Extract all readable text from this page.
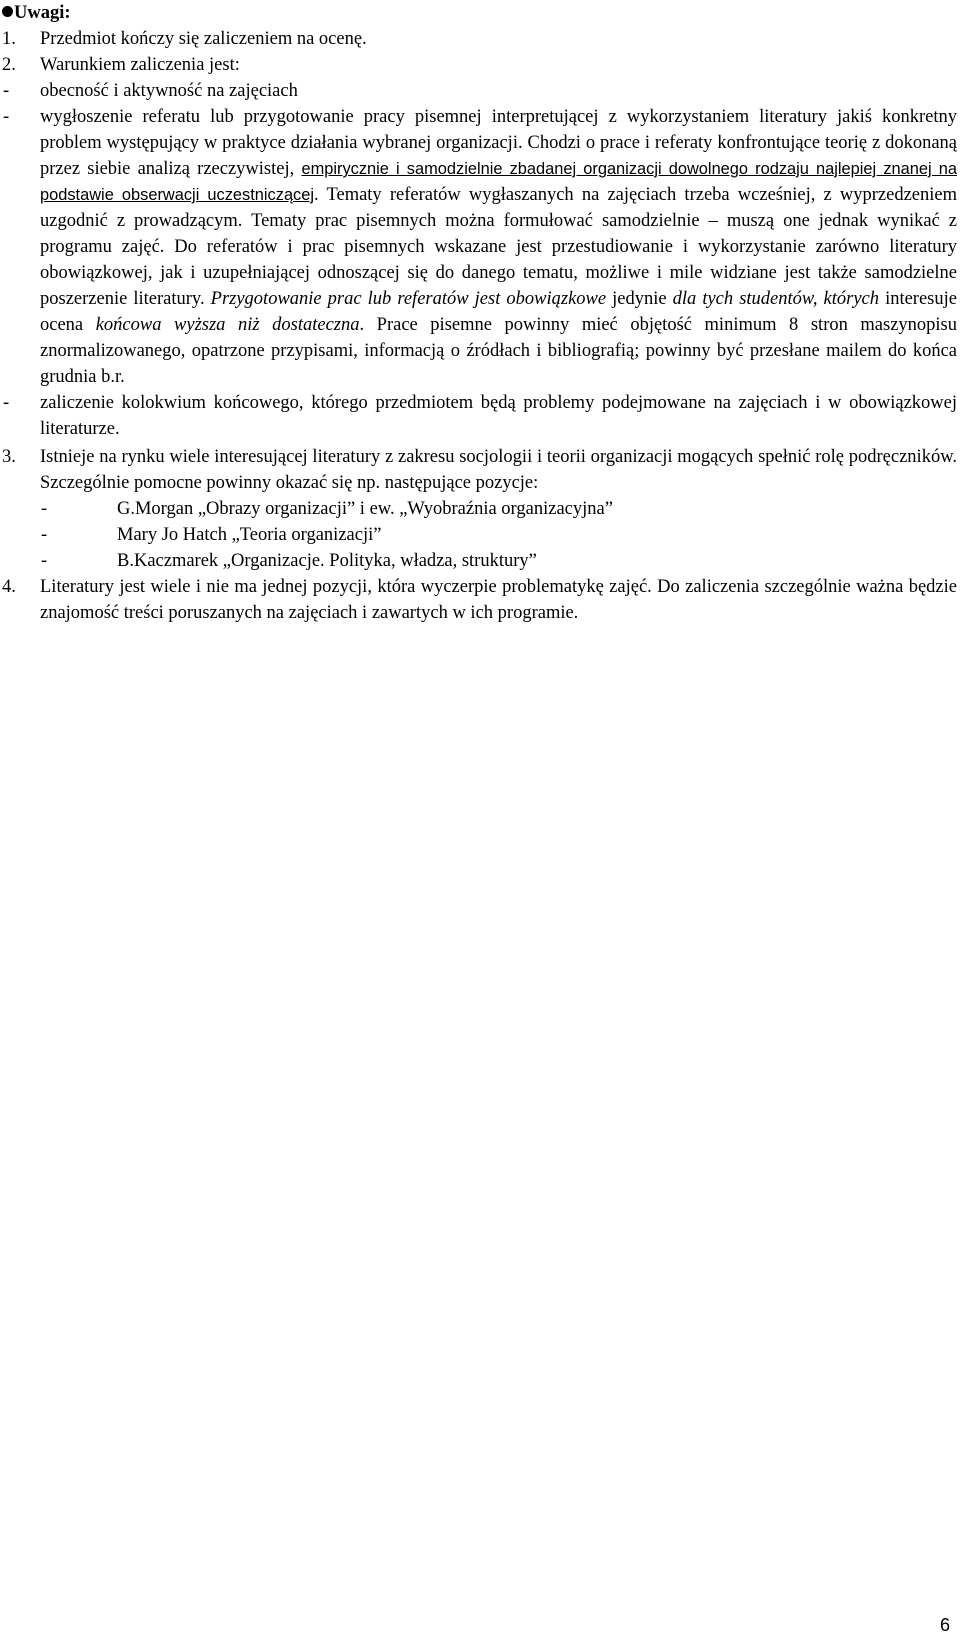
Uwagi:
1.	Przedmiot kończy się zaliczeniem na ocenę.
2.	Warunkiem zaliczenia jest:
-	obecność i aktywność na zajęciach
-	wygłoszenie referatu lub przygotowanie pracy pisemnej interpretującej z wykorzystaniem literatury jakiś konkretny problem występujący w praktyce działania wybranej organizacji. Chodzi o prace i referaty konfrontujące teorię z dokonaną przez siebie analizą rzeczywistej, empirycznie i samodzielnie zbadanej organizacji dowolnego rodzaju najlepiej znanej na podstawie obserwacji uczestniczącej. Tematy referatów wygłaszanych na zajęciach trzeba wcześniej, z wyprzedzeniem uzgodnić z prowadzącym. Tematy prac pisemnych można formułować samodzielnie – muszą one jednak wynikać z programu zajęć. Do referatów i prac pisemnych wskazane jest przestudiowanie i wykorzystanie zarówno literatury obowiązkowej, jak i uzupełniającej odnoszącej się do danego tematu, możliwe i mile widziane jest także samodzielne poszerzenie literatury. Przygotowanie prac lub referatów jest obowiązkowe jedynie dla tych studentów, których interesuje ocena końcowa wyższa niż dostateczna. Prace pisemne powinny mieć objętość minimum 8 stron maszynopisu znormalizowanego, opatrzone przypisami, informacją o źródłach i bibliografią; powinny być przesłane mailem do końca grudnia b.r.
-	zaliczenie kolokwium końcowego, którego przedmiotem będą problemy podejmowane na zajęciach i w obowiązkowej literaturze.
3.	Istnieje na rynku wiele interesującej literatury z zakresu socjologii i teorii organizacji mogących spełnić rolę podręczników. Szczególnie pomocne powinny okazać się np. następujące pozycje:
-	G.Morgan „Obrazy organizacji” i ew. „Wyobraźnia organizacyjna”
-	Mary Jo Hatch „Teoria organizacji”
-	B.Kaczmarek „Organizacje. Polityka, władza, struktury”
4.	Literatury jest wiele i nie ma jednej pozycji, która wyczerpie problematykę zajęć. Do zaliczenia szczególnie ważna będzie znajomość treści poruszanych na zajęciach i zawartych w ich programie.
6
